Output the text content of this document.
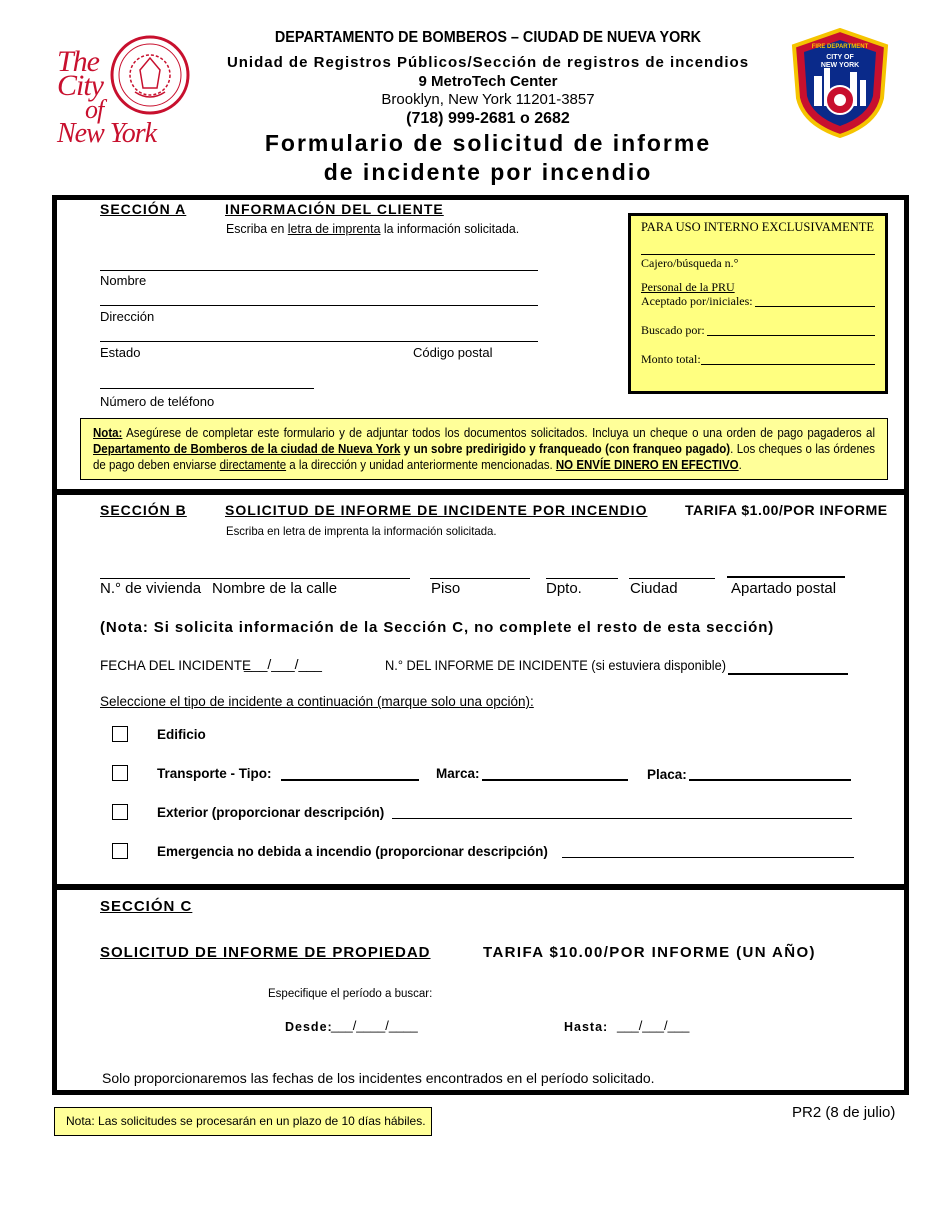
The
City
of
New York
FIRE DEPARTMENT
CITY OF
NEW YORK
DEPARTAMENTO DE BOMBEROS – CIUDAD DE NUEVA YORK
Unidad de Registros Públicos/Sección de registros de incendios
9 MetroTech Center
Brooklyn, New York 11201-3857
(718) 999-2681 o 2682
Formulario de solicitud de informe
de incidente por incendio
SECCIÓN A	INFORMACIÓN DEL CLIENTE
Escriba en letra de imprenta la información solicitada.
Nombre
Dirección
Estado	Código postal
Número de teléfono
PARA USO INTERNO EXCLUSIVAMENTE
Cajero/búsqueda n.°
Personal de la PRU
Aceptado por/iniciales:
Buscado por:
Monto total:
Nota: Asegúrese de completar este formulario y de adjuntar todos los documentos solicitados. Incluya un cheque o una orden de pago pagaderos al Departamento de Bomberos de la ciudad de Nueva York y un sobre predirigido y franqueado (con franqueo pagado). Los cheques o las órdenes de pago deben enviarse directamente a la dirección y unidad anteriormente mencionadas. NO ENVÍE DINERO EN EFECTIVO.
SECCIÓN B	SOLICITUD DE INFORME DE INCIDENTE POR INCENDIO	TARIFA $1.00/POR INFORME
Escriba en letra de imprenta la información solicitada.
N.° de vivienda Nombre de la calle	Piso	Dpto.	Ciudad	Apartado postal
(Nota: Si solicita información de la Sección C, no complete el resto de esta sección)
FECHA DEL INCIDENTE
___/___/___	N.° DEL INFORME DE INCIDENTE (si estuviera disponible)
Seleccione el tipo de incidente a continuación (marque solo una opción):
Edificio
Transporte - Tipo:	Marca:	Placa:
Exterior (proporcionar descripción)
Emergencia no debida a incendio (proporcionar descripción)
SECCIÓN C
SOLICITUD DE INFORME DE PROPIEDAD	TARIFA $10.00/POR INFORME (UN AÑO)
Especifique el período a buscar:
Desde:
___/____/____	Hasta: ___/___/___
Solo proporcionaremos las fechas de los incidentes encontrados en el período solicitado.
Nota: Las solicitudes se procesarán en un plazo de 10 días hábiles.	PR2 (8 de julio)
